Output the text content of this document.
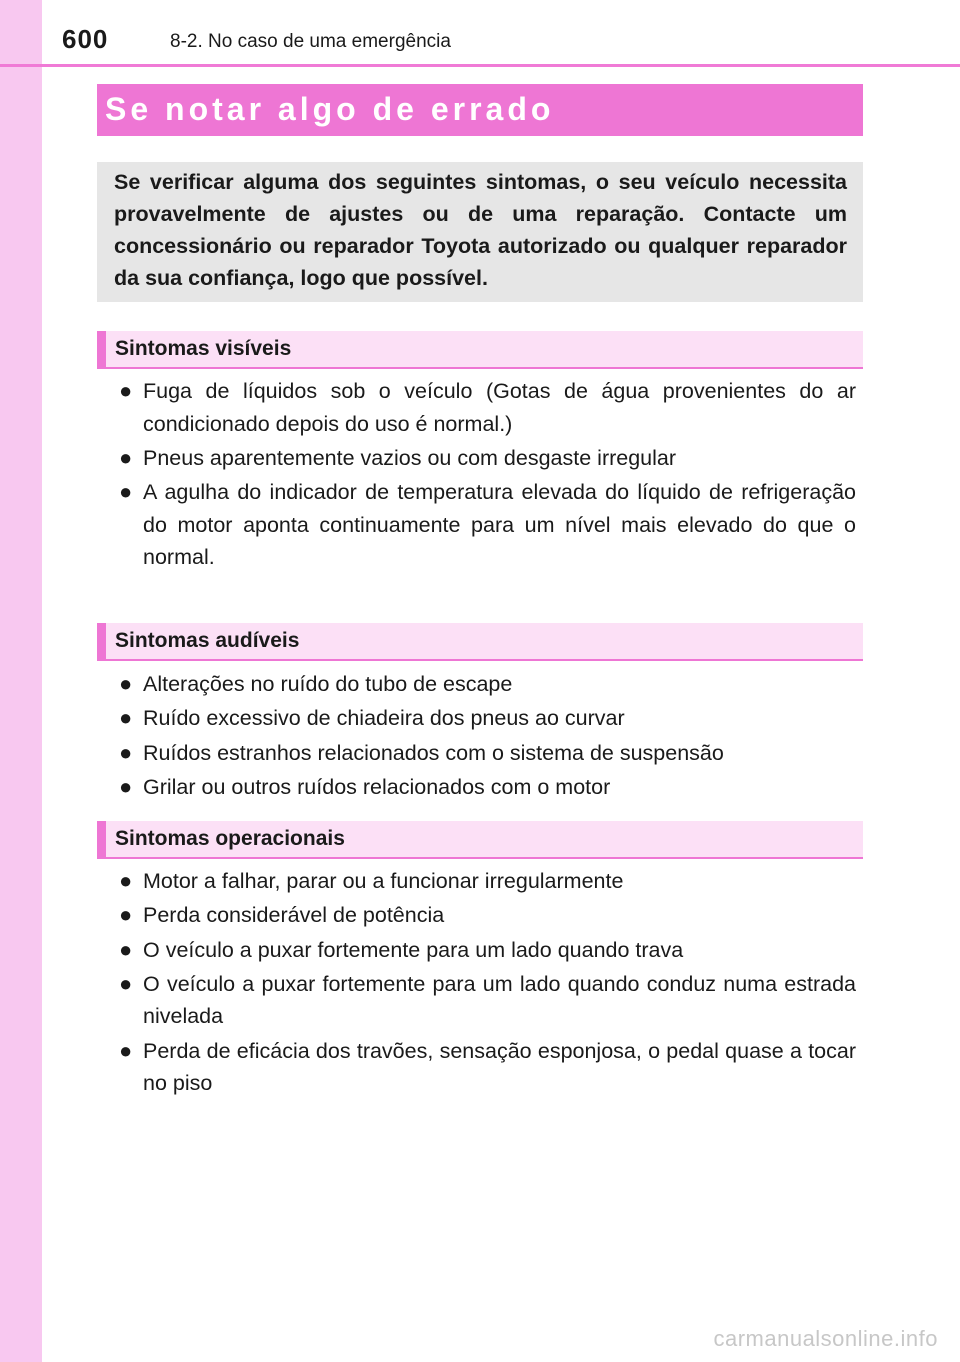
600	8-2. No caso de uma emergência
Se notar algo de errado

Se verificar alguma dos seguintes sintomas, o seu veículo necessita provavelmente de ajustes ou de uma reparação. Contacte um concessionário ou reparador Toyota autorizado ou qualquer reparador da sua confiança, logo que possível.

Sintomas visíveis
● Fuga de líquidos sob o veículo (Gotas de água provenientes do ar condicionado depois do uso é normal.)
● Pneus aparentemente vazios ou com desgaste irregular
● A agulha do indicador de temperatura elevada do líquido de refrigeração do motor aponta continuamente para um nível mais elevado do que o normal.
Sintomas audíveis
● Alterações no ruído do tubo de escape
● Ruído excessivo de chiadeira dos pneus ao curvar
● Ruídos estranhos relacionados com o sistema de suspensão
● Grilar ou outros ruídos relacionados com o motor
Sintomas operacionais
● Motor a falhar, parar ou a funcionar irregularmente
● Perda considerável de potência
● O veículo a puxar fortemente para um lado quando trava
● O veículo a puxar fortemente para um lado quando conduz numa estrada nivelada
● Perda de eficácia dos travões, sensação esponjosa, o pedal quase a tocar no piso
carmanualsonline.info
